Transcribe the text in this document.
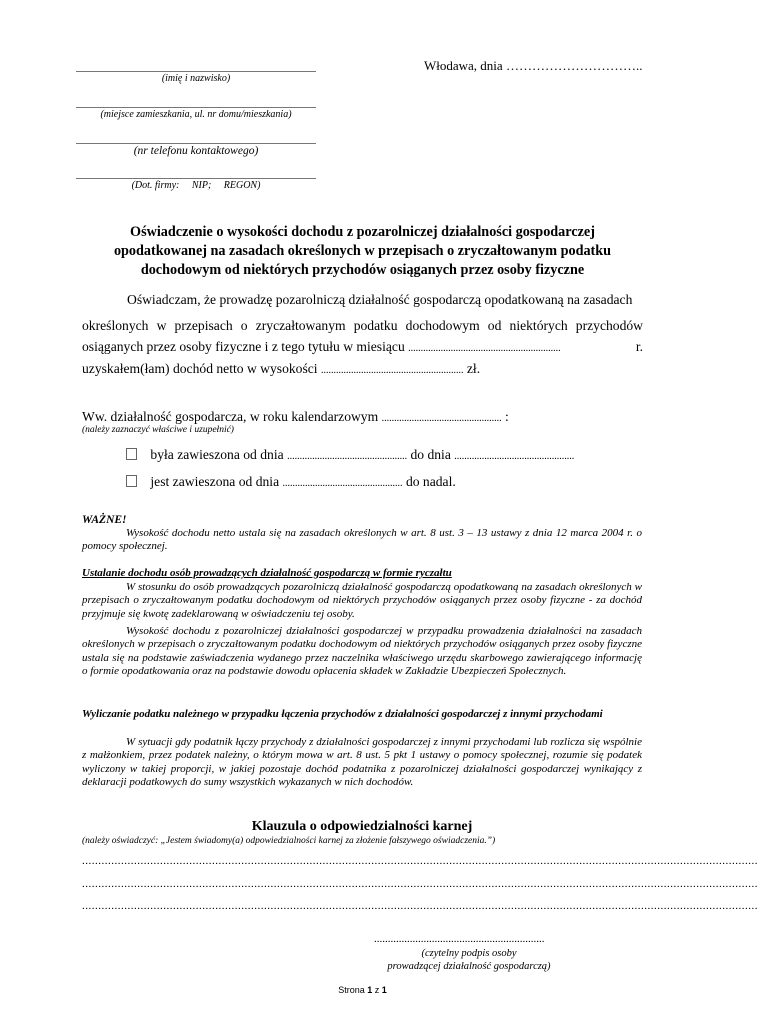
Włodawa, dnia …………………………..
(imię i nazwisko)
(miejsce zamieszkania, ul. nr domu/mieszkania)
(nr telefonu kontaktowego)
(Dot. firmy:     NIP;     REGON)
Oświadczenie o wysokości dochodu z pozarolniczej działalności gospodarczej
opodatkowanej na zasadach określonych w przepisach o zryczałtowanym podatku
dochodowym od niektórych przychodów osiąganych przez osoby fizyczne
Oświadczam, że prowadzę pozarolniczą działalność gospodarczą opodatkowaną na zasadach
określonych w przepisach o zryczałtowanym podatku dochodowym od niektórych przychodów
osiąganych przez osoby fizyczne i z tego tytułu w miesiącu .............................................................	r.
uzyskałem(łam) dochód netto w wysokości ......................................................... zł.
Ww. działalność gospodarcza, w roku kalendarzowym ................................................ :
(należy zaznaczyć właściwe i uzupełnić)
była zawieszona od dnia ................................................ do dnia ................................................
jest zawieszona od dnia ................................................ do nadal.
WAŻNE!
Wysokość dochodu netto ustala się na zasadach określonych w art. 8 ust. 3 – 13 ustawy z dnia 12 marca 2004 r. o pomocy społecznej.
Ustalanie dochodu osób prowadzących działalność gospodarczą w formie ryczałtu
W stosunku do osób prowadzących pozarolniczą działalność gospodarczą opodatkowaną na zasadach określonych w przepisach o zryczałtowanym podatku dochodowym od niektórych przychodów osiąganych przez osoby fizyczne - za dochód przyjmuje się kwotę zadeklarowaną w oświadczeniu tej osoby.
Wysokość dochodu z pozarolniczej działalności gospodarczej w przypadku prowadzenia działalności na zasadach określonych w przepisach o zryczałtowanym podatku dochodowym od niektórych przychodów osiąganych przez osoby fizyczne ustala się na podstawie zaświadczenia wydanego przez naczelnika właściwego urzędu skarbowego zawierającego informację o formie opodatkowania oraz na podstawie dowodu opłacenia składek w Zakładzie Ubezpieczeń Społecznych.
Wyliczanie podatku należnego w przypadku łączenia przychodów z działalności gospodarczej z innymi przychodami
W sytuacji gdy podatnik łączy przychody z działalności gospodarczej z innymi przychodami lub rozlicza się wspólnie z małżonkiem, przez podatek należny, o którym mowa w art. 8 ust. 5 pkt 1 ustawy o pomocy społecznej, rozumie się podatek wyliczony w takiej proporcji, w jakiej pozostaje dochód podatnika z pozarolniczej działalności gospodarczej wynikający z deklaracji podatkowych do sumy wszystkich wykazanych w nich dochodów.
Klauzula o odpowiedzialności karnej
(należy oświadczyć: „Jestem świadomy(a) odpowiedzialności karnej za złożenie fałszywego oświadczenia.”)
................................................................................................................................................................................................................
................................................................................................................................................................................................................
................................................................................................................................................................................................................
..............................................................
(czytelny podpis osoby
prowadzącej działalność gospodarczą)
Strona 1 z 1
